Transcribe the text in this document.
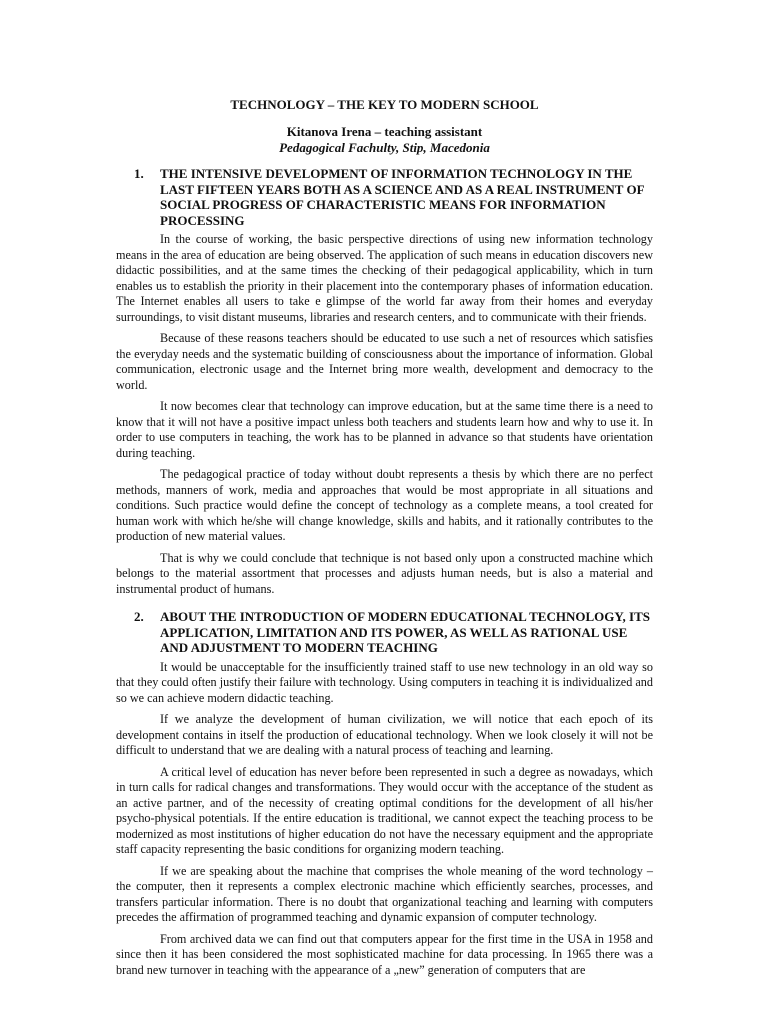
TECHNOLOGY – THE KEY TO MODERN SCHOOL

Kitanova Irena – teaching assistant

Pedagogical Fachulty, Stip, Macedonia

1.	THE INTENSIVE DEVELOPMENT OF INFORMATION TECHNOLOGY IN THE LAST FIFTEEN YEARS BOTH AS A SCIENCE AND AS A REAL INSTRUMENT OF SOCIAL PROGRESS OF CHARACTERISTIC MEANS FOR INFORMATION PROCESSING

In the course of working, the basic perspective directions of using new information technology means in the area of education are being observed. The application of such means in education discovers new didactic possibilities, and at the same times the checking of their pedagogical applicability, which in turn enables us to establish the priority in their placement into the contemporary phases of information education. The Internet enables all users to take e glimpse of the world far away from their homes and everyday surroundings, to visit distant museums, libraries and research centers, and to communicate with their friends.

Because of these reasons teachers should be educated to use such a net of resources which satisfies the everyday needs and the systematic building of consciousness about the importance of information. Global communication, electronic usage and the Internet bring more wealth, development and democracy to the world.

It now becomes clear that technology can improve education, but at the same time there is a need to know that it will not have a positive impact unless both teachers and students learn how and why to use it. In order to use computers in teaching, the work has to be planned in advance so that students have orientation during teaching.

The pedagogical practice of today without doubt represents a thesis by which there are no perfect methods, manners of work, media and approaches that would be most appropriate in all situations and conditions. Such practice would define the concept of technology as a complete means, a tool created for human work with which he/she will change knowledge, skills and habits, and it rationally contributes to the production of new material values.

That is why we could conclude that technique is not based only upon a constructed machine which belongs to the material assortment that processes and adjusts human needs, but is also a material and instrumental product of humans.

2.	ABOUT THE INTRODUCTION OF MODERN EDUCATIONAL TECHNOLOGY, ITS APPLICATION, LIMITATION AND ITS POWER, AS WELL AS RATIONAL USE AND ADJUSTMENT TO MODERN TEACHING

It would be unacceptable for the insufficiently trained staff to use new technology in an old way so that they could often justify their failure with technology. Using computers in teaching it is individualized and so we can achieve modern didactic teaching.

If we analyze the development of human civilization, we will notice that each epoch of its development contains in itself the production of educational technology. When we look closely it will not be difficult to understand that we are dealing with a natural process of teaching and learning.

A critical level of education has never before been represented in such a degree as nowadays, which in turn calls for radical changes and transformations. They would occur with the acceptance of the student as an active partner, and of the necessity of creating optimal conditions for the development of all his/her psycho-physical potentials. If the entire education is traditional, we cannot expect the teaching process to be modernized as most institutions of higher education do not have the necessary equipment and the appropriate staff capacity representing the basic conditions for organizing modern teaching.

If we are speaking about the machine that comprises the whole meaning of the word technology – the computer, then it represents a complex electronic machine which efficiently searches, processes, and transfers particular information. There is no doubt that organizational teaching and learning with computers precedes the affirmation of programmed teaching and dynamic expansion of computer technology.

From archived data we can find out that computers appear for the first time in the USA in 1958 and since then it has been considered the most sophisticated machine for data processing. In 1965 there was a brand new turnover in teaching with the appearance of a „new” generation of computers that are
